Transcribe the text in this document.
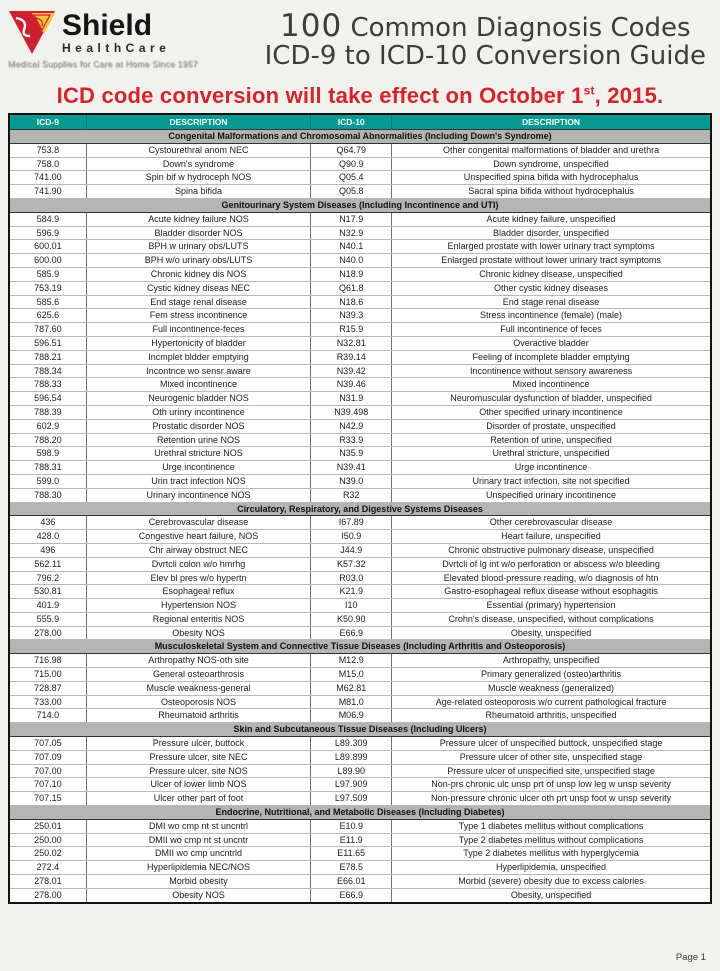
Shield
HealthCare
Medical Supplies for Care at Home Since 1957
100 Common Diagnosis Codes
ICD-9 to ICD-10 Conversion Guide
ICD code conversion will take effect on October 1st, 2015.
ICD-9	DESCRIPTION	ICD-10	DESCRIPTION
Congenital Malformations and Chromosomal Abnormalities (Including Down's Syndrome)			
753.8	Cystourethral anom NEC	Q64.79	Other congenital malformations of bladder and urethra
758.0	Down's syndrome	Q90.9	Down syndrome, unspecified
741.00	Spin bif w hydroceph NOS	Q05.4	Unspecified spina bifida with hydrocephalus
741.90	Spina bifida	Q05.8	Sacral spina bifida without hydrocephalus
Genitourinary System Diseases (Including Incontinence and UTI)			
584.9	Acute kidney failure NOS	N17.9	Acute kidney failure, unspecified
596.9	Bladder disorder NOS	N32.9	Bladder disorder, unspecified
600.01	BPH w urinary obs/LUTS	N40.1	Enlarged prostate with lower urinary tract symptoms
600.00	BPH w/o urinary obs/LUTS	N40.0	Enlarged prostate without lower urinary tract symptoms
585.9	Chronic kidney dis NOS	N18.9	Chronic kidney disease, unspecified
753.19	Cystic kidney diseas NEC	Q61.8	Other cystic kidney diseases
585.6	End stage renal disease	N18.6	End stage renal disease
625.6	Fem stress incontinence	N39.3	Stress incontinence (female) (male)
787.60	Full incontinence-feces	R15.9	Full incontinence of feces
596.51	Hypertonicity of bladder	N32.81	Overactive bladder
788.21	Incmplet bldder emptying	R39.14	Feeling of incomplete bladder emptying
788.34	Incontnce wo sensr aware	N39.42	Incontinence without sensory awareness
788.33	Mixed incontinence	N39.46	Mixed incontinence
596.54	Neurogenic bladder NOS	N31.9	Neuromuscular dysfunction of bladder, unspecified
788.39	Oth urinry incontinence	N39.498	Other specified urinary incontinence
602.9	Prostatic disorder NOS	N42.9	Disorder of prostate, unspecified
788.20	Retention urine NOS	R33.9	Retention of urine, unspecified
598.9	Urethral stricture NOS	N35.9	Urethral stricture, unspecified
788.31	Urge incontinence	N39.41	Urge incontinence
599.0	Urin tract infection NOS	N39.0	Urinary tract infection, site not specified
788.30	Urinary incontinence NOS	R32	Unspecified urinary incontinence
Circulatory, Respiratory, and Digestive Systems Diseases			
436	Cerebrovascular disease	I67.89	Other cerebrovascular disease
428.0	Congestive heart failure, NOS	I50.9	Heart failure, unspecified
496	Chr airway obstruct NEC	J44.9	Chronic obstructive pulmonary disease, unspecified
562.11	Dvrtcli colon w/o hmrhg	K57.32	Dvrtcli of lg int w/o perforation or abscess w/o bleeding
796.2	Elev bl pres w/o hypertn	R03.0	Elevated blood-pressure reading, w/o diagnosis of htn
530.81	Esophageal reflux	K21.9	Gastro-esophageal reflux disease without esophagitis
401.9	Hypertension NOS	I10	Essential (primary) hypertension
555.9	Regional enteritis NOS	K50.90	Crohn's disease, unspecified, without complications
278.00	Obesity NOS	E66.9	Obesity, unspecified
Musculoskeletal System and Connective Tissue Diseases (Including Arthritis and Osteoporosis)			
716.98	Arthropathy NOS-oth site	M12.9	Arthropathy, unspecified
715.00	General osteoarthrosis	M15.0	Primary generalized (osteo)arthritis
728.87	Muscle weakness-general	M62.81	Muscle weakness (generalized)
733.00	Osteoporosis NOS	M81.0	Age-related osteoporosis w/o current pathological fracture
714.0	Rheumatoid arthritis	M06.9	Rheumatoid arthritis, unspecified
Skin and Subcutaneous Tissue Diseases (Including Ulcers)			
707.05	Pressure ulcer, buttock	L89.309	Pressure ulcer of unspecified buttock, unspecified stage
707.09	Pressure ulcer, site NEC	L89.899	Pressure ulcer of other site, unspecified stage
707.00	Pressure ulcer, site NOS	L89.90	Pressure ulcer of unspecified site, unspecified stage
707.10	Ulcer of lower limb NOS	L97.909	Non-prs chronic ulc unsp prt of unsp low leg w unsp severity
707.15	Ulcer other part of foot	L97.509	Non-pressure chronic ulcer oth prt unsp foot w unsp severity
Endocrine, Nutritional, and Metabolic Diseases (Including Diabetes)			
250.01	DMI wo cmp nt st uncntrl	E10.9	Type 1 diabetes mellitus without complications
250.00	DMII wo cmp nt st uncntr	E11.9	Type 2 diabetes mellitus without complications
250.02	DMII wo cmp uncntrld	E11.65	Type 2 diabetes mellitus with hyperglycemia
272.4	Hyperlipidemia NEC/NOS	E78.5	Hyperlipidemia, unspecified
278.01	Morbid obesity	E66.01	Morbid (severe) obesity due to excess calories
278.00	Obesity NOS	E66.9	Obesity, unspecified
Page 1
